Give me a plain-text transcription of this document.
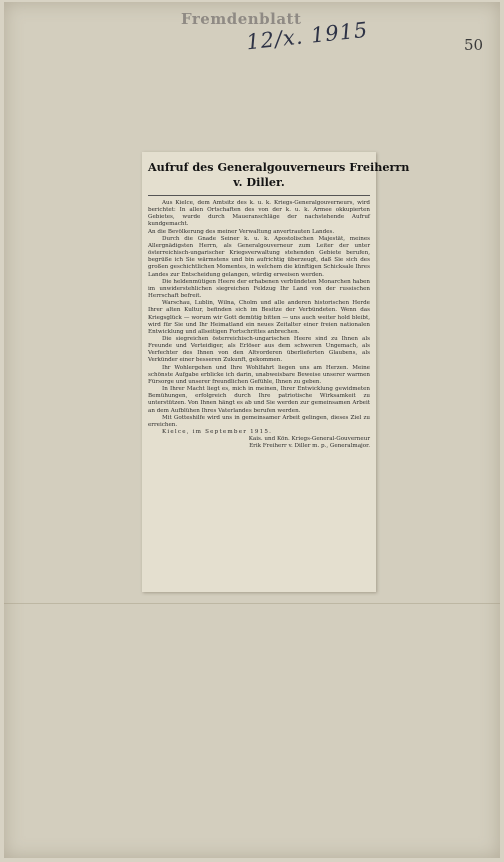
Fremdenblatt
12/x. 1915	50
Aufruf des Generalgouverneurs Freiherrn
v. Diller.

Aus Kielce, dem Amtsitz des k. u. k. Kriegs-Generalgouverneurs, wird berichtet: In allen Ortschaften des von der k. u. k. Armee okkupierten Gebietes, wurde durch Maueranschläge der nachstehende Aufruf kundgemacht.

An die Bevölkerung des meiner Verwaltung anvertrauten Landes.

Durch die Gnade Seiner k. u. k. Apostolischen Majestät, meines Allergnädigsten Herrn, als Generalgouverneur zum Leiter der unter österreichisch-ungarischer Kriegsverwaltung stehenden Gebiete berufen, begrüße ich Sie wärmstens und bin aufrichtig überzeugt, daß Sie sich des großen geschichtlichen Momentes, in welchem die künftigen Schicksale Ihres Landes zur Entscheidung gelangen, würdig erweisen werden.

Die heldenmütigen Heere der erhabenen verbündeten Monarchen haben im unwiderstehlichen siegreichen Feldzug Ihr Land von der russischen Herrschaft befreit.

Warschau, Lublin, Wilna, Cholm und alle anderen historischen Herde Ihrer alten Kultur, befinden sich im Besitze der Verbündeten. Wenn das Kriegsglück — worum wir Gott demütig bitten — uns auch weiter hold bleibt, wird für Sie und Ihr Heimatland ein neues Zeitalter einer freien nationalen Entwicklung und allseitigen Fortschrittes anbrechen.

Die siegreichen österreichisch-ungarischen Heere sind zu Ihnen als Freunde und Verteidiger, als Erlöser aus dem schweren Ungemach, als Verfechter des Ihnen von den Altvorderen überlieferten Glaubens, als Verkünder einer besseren Zukunft, gekommen.

Ihr Wohlergehen und Ihre Wohlfahrt liegen uns am Herzen. Meine schönste Aufgabe erblicke ich darin, unabweisbare Beweise unserer warmen Fürsorge und unserer freundlichen Gefühle, Ihnen zu geben.

In Ihrer Macht liegt es, mich in meinen, Ihrer Entwicklung gewidmeten Bemühungen, erfolgreich durch Ihre patriotische Wirksamkeit zu unterstützen. Von Ihnen hängt es ab und Sie werden zur gemeinsamen Arbeit an dem Aufblühen Ihres Vaterlandes berufen werden.

Mit Gotteshilfe wird uns in gemeinsamer Arbeit gelingen, dieses Ziel zu erreichen.

Kielce, im September 1915.

Kais. und Kön. Kriegs-General-Gouverneur

Erik Freiherr v. Diller m. p., Generalmajor.
